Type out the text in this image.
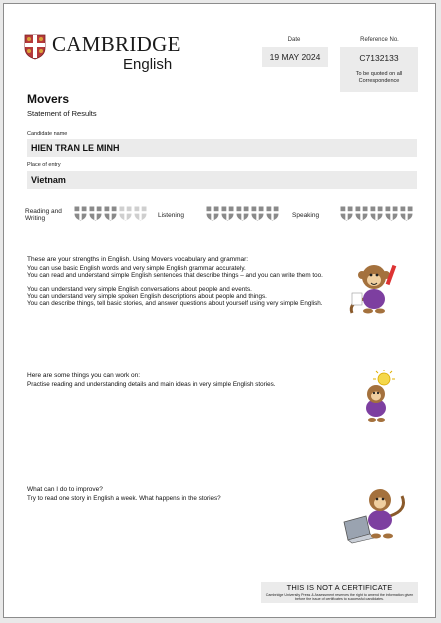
CAMBRIDGE
English
Date
19 MAY 2024
Reference No.
C7132133
To be quoted on all Correspondence
Movers
Statement of Results
Candidate name
HIEN TRAN LE MINH
Place of entry
Vietnam
Reading and Writing	Listening	Speaking
These are your strengths in English. Using Movers vocabulary and grammar:
You can use basic English words and very simple English grammar accurately.
You can read and understand simple English sentences that describe things – and you can write them too.
You can understand very simple English conversations about people and events.
You can understand very simple spoken English descriptions about people and things.
You can describe things, tell basic stories, and answer questions about yourself using very simple English.
Here are some things you can work on:
Practise reading and understanding details and main ideas in very simple English stories.
What can I do to improve?
Try to read one story in English a week. What happens in the stories?
THIS IS NOT A CERTIFICATE
Cambridge University Press & Assessment reserves the right to amend the information given before the issue of certificates to successful candidates.
